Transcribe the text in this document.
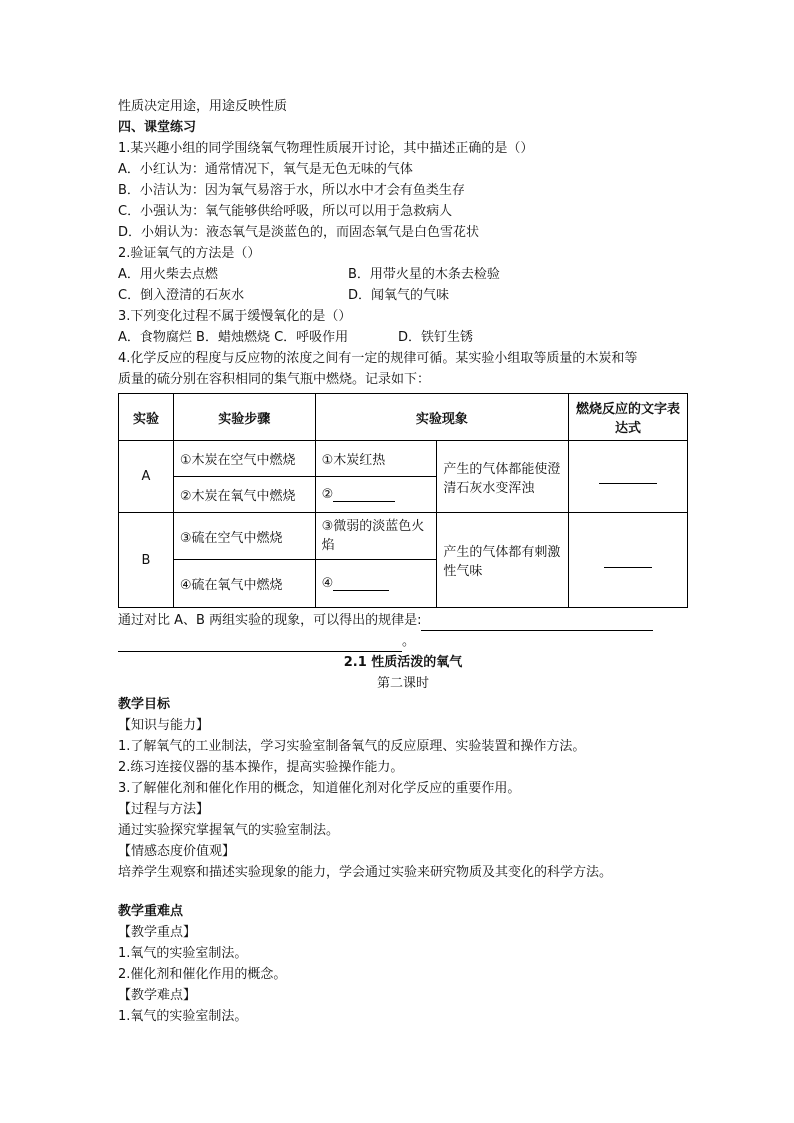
性质决定用途，用途反映性质
四、课堂练习
1.某兴趣小组的同学围绕氧气物理性质展开讨论，其中描述正确的是（）
A．小红认为：通常情况下，氧气是无色无味的气体
B．小洁认为：因为氧气易溶于水，所以水中才会有鱼类生存
C．小强认为：氧气能够供给呼吸，所以可以用于急救病人
D．小娟认为：液态氧气是淡蓝色的，而固态氧气是白色雪花状
2.验证氧气的方法是（）
A．用火柴去点燃	B．用带火星的木条去检验
C．倒入澄清的石灰水	D．闻氧气的气味
3.下列变化过程不属于缓慢氧化的是（）
A．食物腐烂 B．蜡烛燃烧 C．呼吸作用	D．铁钉生锈
4.化学反应的程度与反应物的浓度之间有一定的规律可循。某实验小组取等质量的木炭和等
质量的硫分别在容积相同的集气瓶中燃烧。记录如下：
实验	实验步骤	实验现象		燃烧反应的文字表达式
A	①木炭在空气中燃烧	①木炭红热	产生的气体都能使澄清石灰水变浑浊	
	②木炭在氧气中燃烧	②		
B	③硫在空气中燃烧	③微弱的淡蓝色火焰	产生的气体都有刺激性气味	
	④硫在氧气中燃烧	④		
通过对比 A、B 两组实验的现象，可以得出的规律是:
。
2.1 性质活泼的氧气
第二课时
教学目标
【知识与能力】
1.了解氧气的工业制法，学习实验室制备氧气的反应原理、实验装置和操作方法。
2.练习连接仪器的基本操作，提高实验操作能力。
3.了解催化剂和催化作用的概念，知道催化剂对化学反应的重要作用。
【过程与方法】
通过实验探究掌握氧气的实验室制法。
【情感态度价值观】
培养学生观察和描述实验现象的能力，学会通过实验来研究物质及其变化的科学方法。
教学重难点
【教学重点】
1.氧气的实验室制法。
2.催化剂和催化作用的概念。
【教学难点】
1.氧气的实验室制法。
